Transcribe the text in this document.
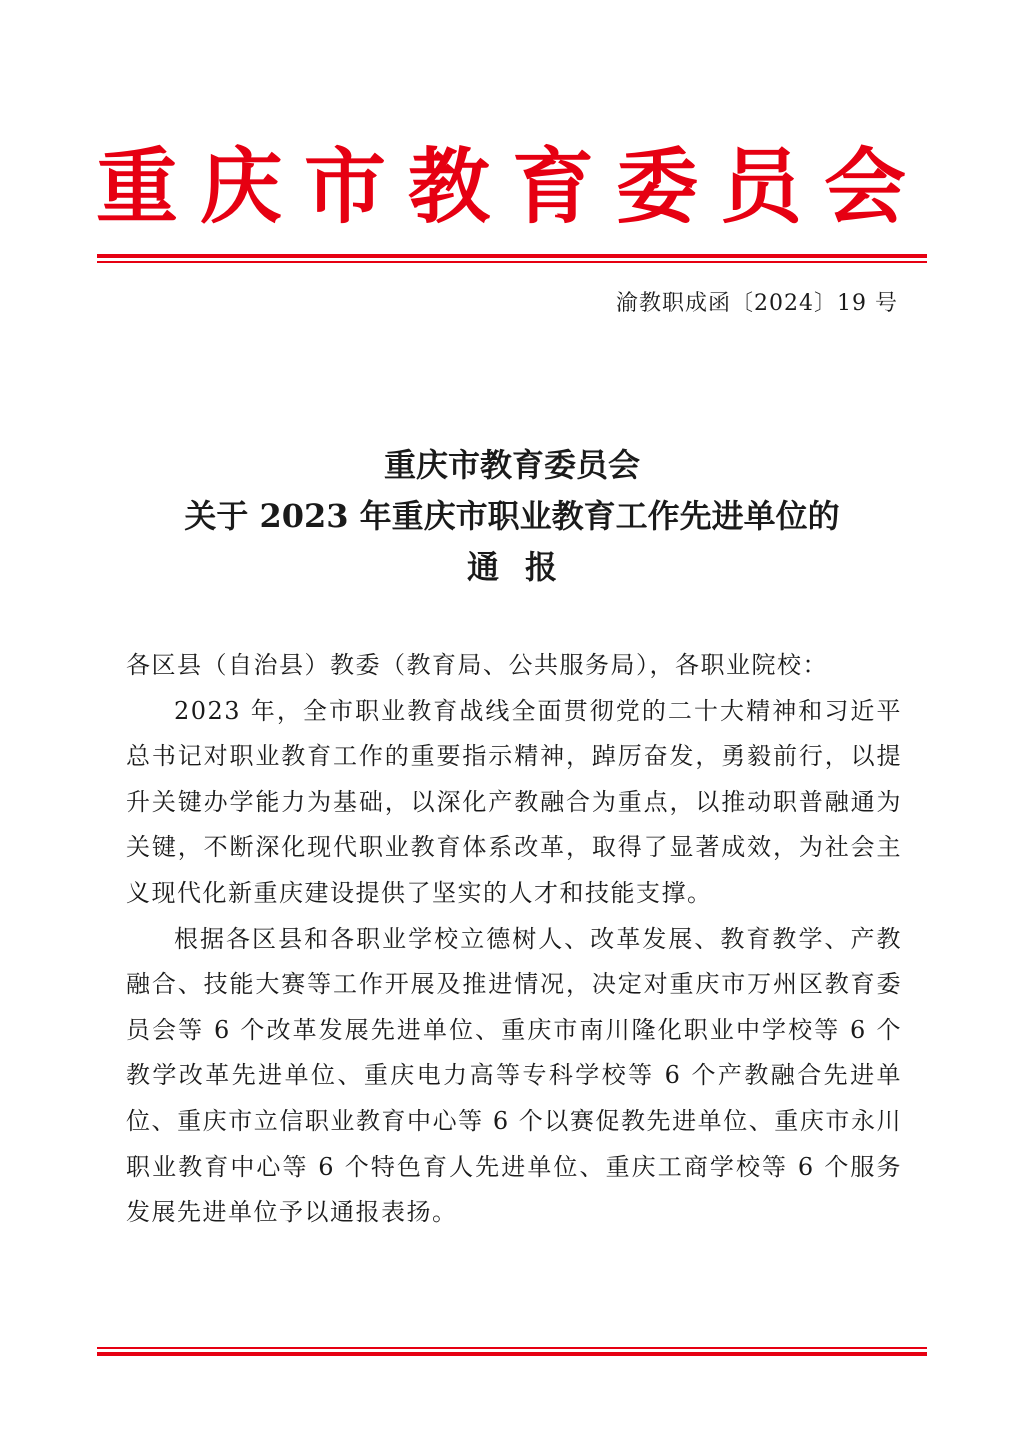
重庆市教育委员会
渝教职成函〔2024〕19 号
重庆市教育委员会
关于 2023 年重庆市职业教育工作先进单位的
通报

各区县（自治县）教委（教育局、公共服务局），各职业院校：

2023 年，全市职业教育战线全面贯彻党的二十大精神和习近平总书记对职业教育工作的重要指示精神，踔厉奋发，勇毅前行，以提升关键办学能力为基础，以深化产教融合为重点，以推动职普融通为关键，不断深化现代职业教育体系改革，取得了显著成效，为社会主义现代化新重庆建设提供了坚实的人才和技能支撑。

根据各区县和各职业学校立德树人、改革发展、教育教学、产教融合、技能大赛等工作开展及推进情况，决定对重庆市万州区教育委员会等 6 个改革发展先进单位、重庆市南川隆化职业中学校等 6 个教学改革先进单位、重庆电力高等专科学校等 6 个产教融合先进单位、重庆市立信职业教育中心等 6 个以赛促教先进单位、重庆市永川职业教育中心等 6 个特色育人先进单位、重庆工商学校等 6 个服务发展先进单位予以通报表扬。
